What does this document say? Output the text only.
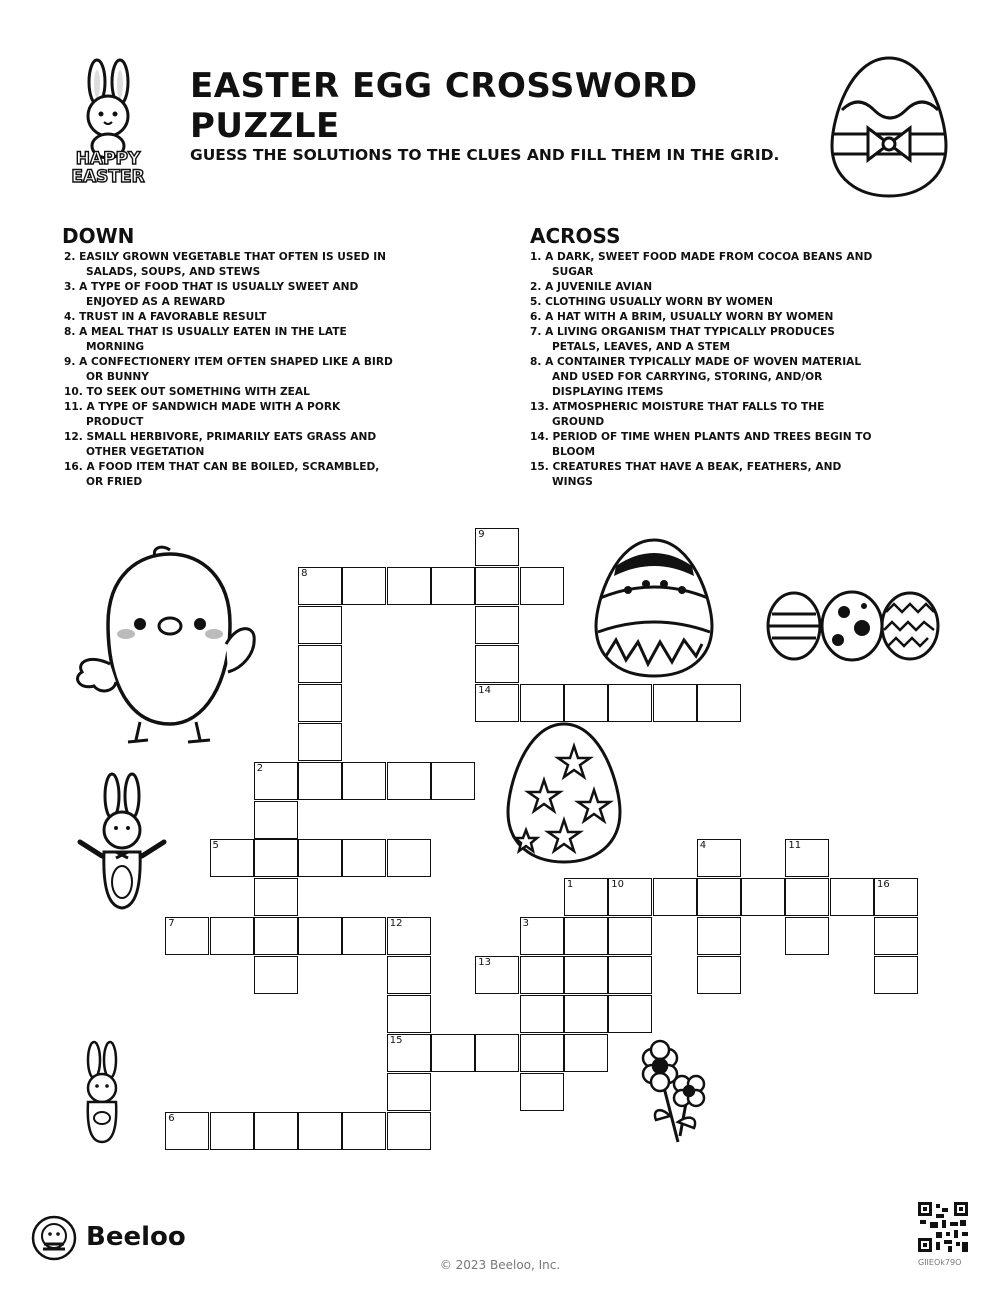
HAPPY
EASTER
EASTER EGG CROSSWORD PUZZLE
GUESS THE SOLUTIONS TO THE CLUES AND FILL THEM IN THE GRID.
DOWN
2. EASILY GROWN VEGETABLE THAT OFTEN IS USED IN SALADS, SOUPS, AND STEWS
3. A TYPE OF FOOD THAT IS USUALLY SWEET AND ENJOYED AS A REWARD
4. TRUST IN A FAVORABLE RESULT
8. A MEAL THAT IS USUALLY EATEN IN THE LATE MORNING
9. A CONFECTIONERY ITEM OFTEN SHAPED LIKE A BIRD OR BUNNY
10. TO SEEK OUT SOMETHING WITH ZEAL
11. A TYPE OF SANDWICH MADE WITH A PORK PRODUCT
12. SMALL HERBIVORE, PRIMARILY EATS GRASS AND OTHER VEGETATION
16. A FOOD ITEM THAT CAN BE BOILED, SCRAMBLED, OR FRIED
ACROSS
1. A DARK, SWEET FOOD MADE FROM COCOA BEANS AND SUGAR
2. A JUVENILE AVIAN
5. CLOTHING USUALLY WORN BY WOMEN
6. A HAT WITH A BRIM, USUALLY WORN BY WOMEN
7. A LIVING ORGANISM THAT TYPICALLY PRODUCES PETALS, LEAVES, AND A STEM
8. A CONTAINER TYPICALLY MADE OF WOVEN MATERIAL AND USED FOR CARRYING, STORING, AND/OR DISPLAYING ITEMS
13. ATMOSPHERIC MOISTURE THAT FALLS TO THE GROUND
14. PERIOD OF TIME WHEN PLANTS AND TREES BEGIN TO BLOOM
15. CREATURES THAT HAVE A BEAK, FEATHERS, AND WINGS
9
8
14
2
5	4	11
1	10	16
7	12	3
13
15
6
Beeloo
© 2023 Beeloo, Inc.	GIIEOk79O
